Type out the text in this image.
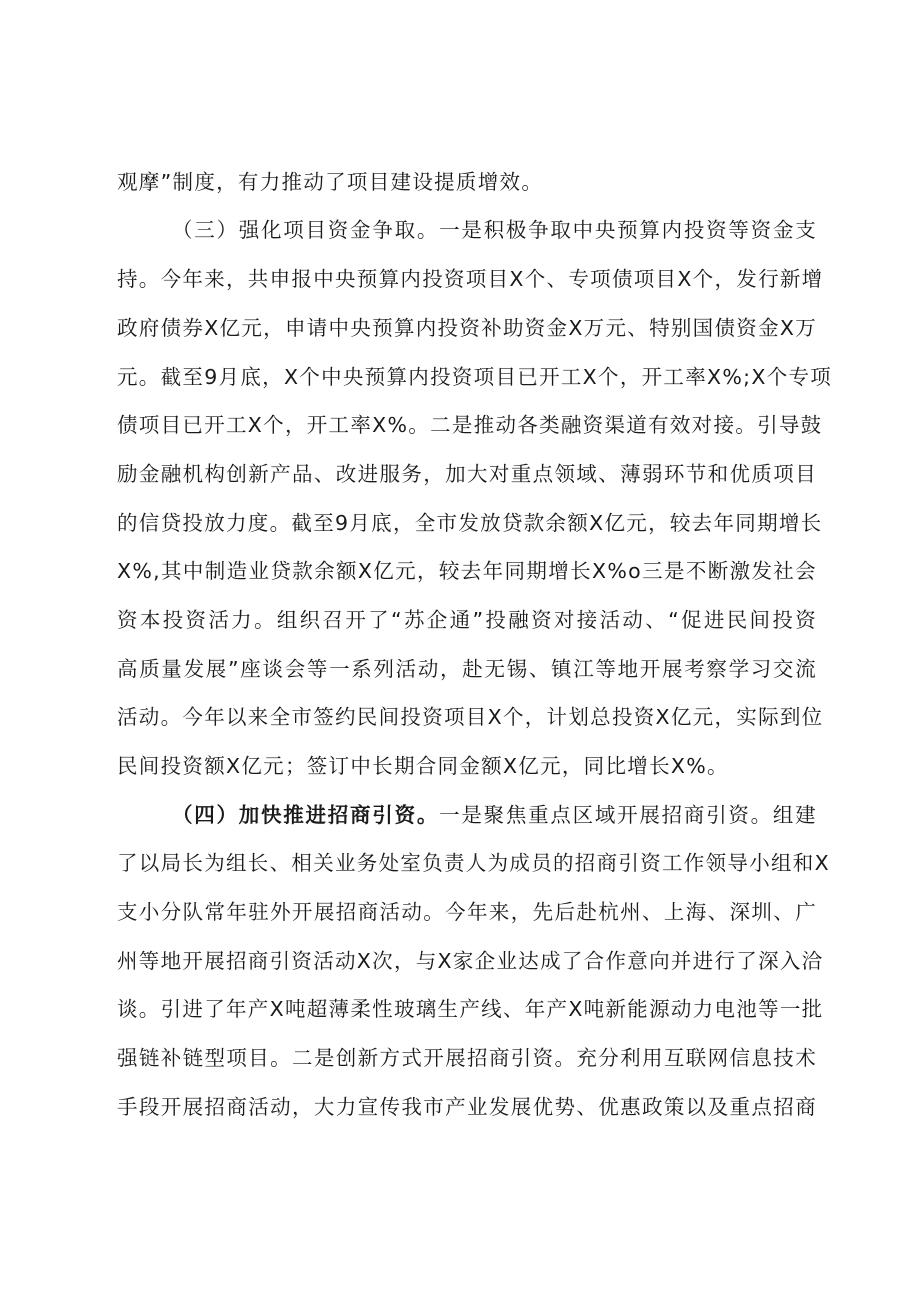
观摩”制度，有力推动了项目建设提质增效。
（三）强化项目资金争取。一是积极争取中央预算内投资等资金支
持。今年来，共申报中央预算内投资项目X个、专项债项目X个，发行新增
政府债券X亿元，申请中央预算内投资补助资金X万元、特别国债资金X万
元。截至9月底，X个中央预算内投资项目已开工X个，开工率X%;X个专项
债项目已开工X个，开工率X%。二是推动各类融资渠道有效对接。引导鼓
励金融机构创新产品、改进服务，加大对重点领域、薄弱环节和优质项目
的信贷投放力度。截至9月底，全市发放贷款余额X亿元，较去年同期增长
X%,其中制造业贷款余额X亿元，较去年同期增长X%o三是不断激发社会
资本投资活力。组织召开了“苏企通”投融资对接活动、“促进民间投资
高质量发展”座谈会等一系列活动，赴无锡、镇江等地开展考察学习交流
活动。今年以来全市签约民间投资项目X个，计划总投资X亿元，实际到位
民间投资额X亿元；签订中长期合同金额X亿元，同比增长X%。
（四）加快推进招商引资。一是聚焦重点区域开展招商引资。组建
了以局长为组长、相关业务处室负责人为成员的招商引资工作领导小组和X
支小分队常年驻外开展招商活动。今年来，先后赴杭州、上海、深圳、广
州等地开展招商引资活动X次，与X家企业达成了合作意向并进行了深入洽
谈。引进了年产X吨超薄柔性玻璃生产线、年产X吨新能源动力电池等一批
强链补链型项目。二是创新方式开展招商引资。充分利用互联网信息技术
手段开展招商活动，大力宣传我市产业发展优势、优惠政策以及重点招商
